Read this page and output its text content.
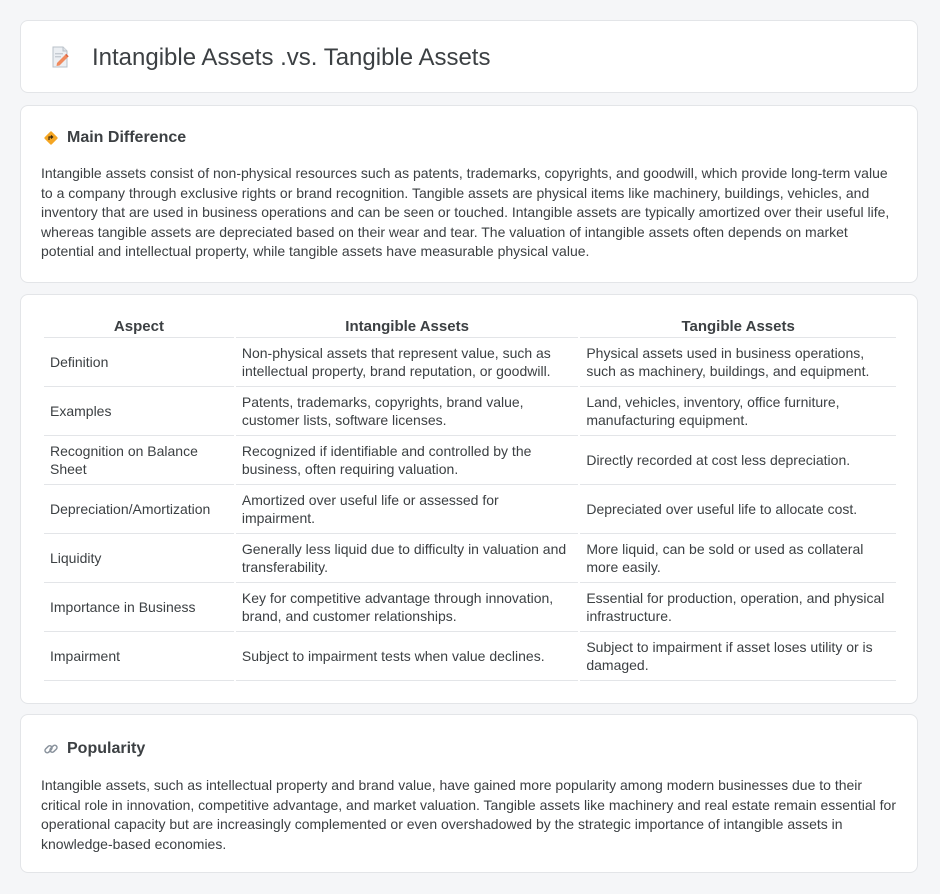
Intangible Assets .vs. Tangible Assets
Main Difference

Intangible assets consist of non-physical resources such as patents, trademarks, copyrights, and goodwill, which provide long-term value to a company through exclusive rights or brand recognition. Tangible assets are physical items like machinery, buildings, vehicles, and inventory that are used in business operations and can be seen or touched. Intangible assets are typically amortized over their useful life, whereas tangible assets are depreciated based on their wear and tear. The valuation of intangible assets often depends on market potential and intellectual property, while tangible assets have measurable physical value.

Aspect	Intangible Assets	Tangible Assets
Definition	Non-physical assets that represent value, such as intellectual property, brand reputation, or goodwill.	Physical assets used in business operations, such as machinery, buildings, and equipment.
Examples	Patents, trademarks, copyrights, brand value, customer lists, software licenses.	Land, vehicles, inventory, office furniture, manufacturing equipment.
Recognition on Balance Sheet	Recognized if identifiable and controlled by the business, often requiring valuation.	Directly recorded at cost less depreciation.
Depreciation/Amortization	Amortized over useful life or assessed for impairment.	Depreciated over useful life to allocate cost.
Liquidity	Generally less liquid due to difficulty in valuation and transferability.	More liquid, can be sold or used as collateral more easily.
Importance in Business	Key for competitive advantage through innovation, brand, and customer relationships.	Essential for production, operation, and physical infrastructure.
Impairment	Subject to impairment tests when value declines.	Subject to impairment if asset loses utility or is damaged.
Popularity

Intangible assets, such as intellectual property and brand value, have gained more popularity among modern businesses due to their critical role in innovation, competitive advantage, and market valuation. Tangible assets like machinery and real estate remain essential for operational capacity but are increasingly complemented or even overshadowed by the strategic importance of intangible assets in knowledge-based economies.
